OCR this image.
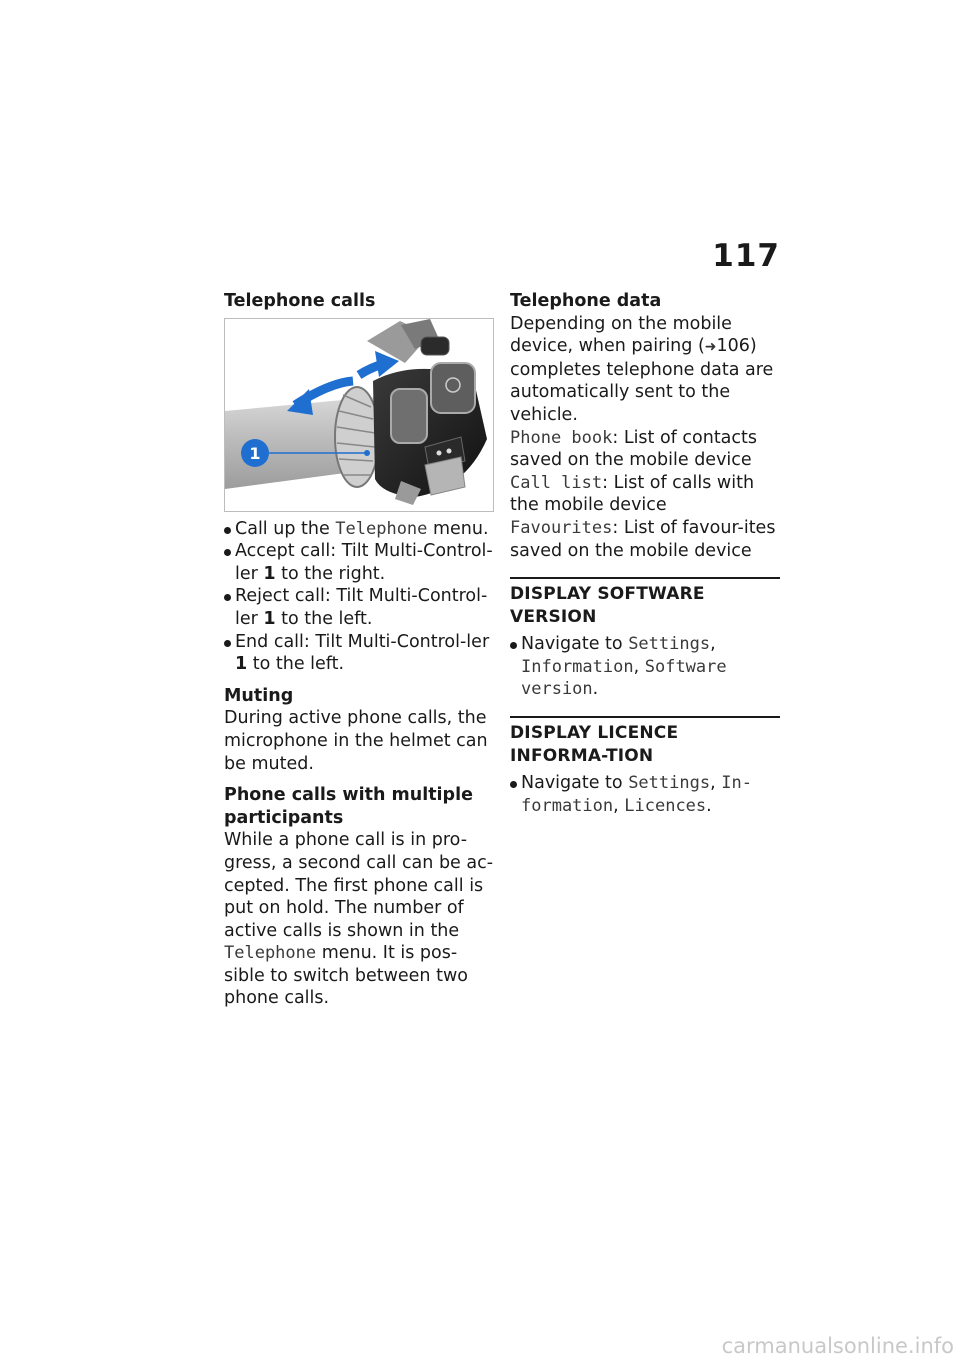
117

Telephone calls

1
Call up the Telephone menu.
Accept call: Tilt Multi-Control-ler 1 to the right.
Reject call: Tilt Multi-Control-ler 1 to the left.
End call: Tilt Multi-Control-ler 1 to the left.

Muting

During active phone calls, the microphone in the helmet can be muted.

Phone calls with multiple participants

While a phone call is in pro-gress, a second call can be ac-cepted. The first phone call is put on hold. The number of active calls is shown in the Telephone menu. It is pos-sible to switch between two phone calls.

Telephone data

Depending on the mobile device, when pairing (➜106) completes telephone data are automatically sent to the vehicle.

Phone book: List of contacts saved on the mobile device

Call list: List of calls with the mobile device

Favourites: List of favour-ites saved on the mobile device

DISPLAY SOFTWARE VERSION

Navigate to Settings, Information, Software version.

DISPLAY LICENCE INFORMA-TION

Navigate to Settings, In-formation, Licences.
carmanualsonline.info
